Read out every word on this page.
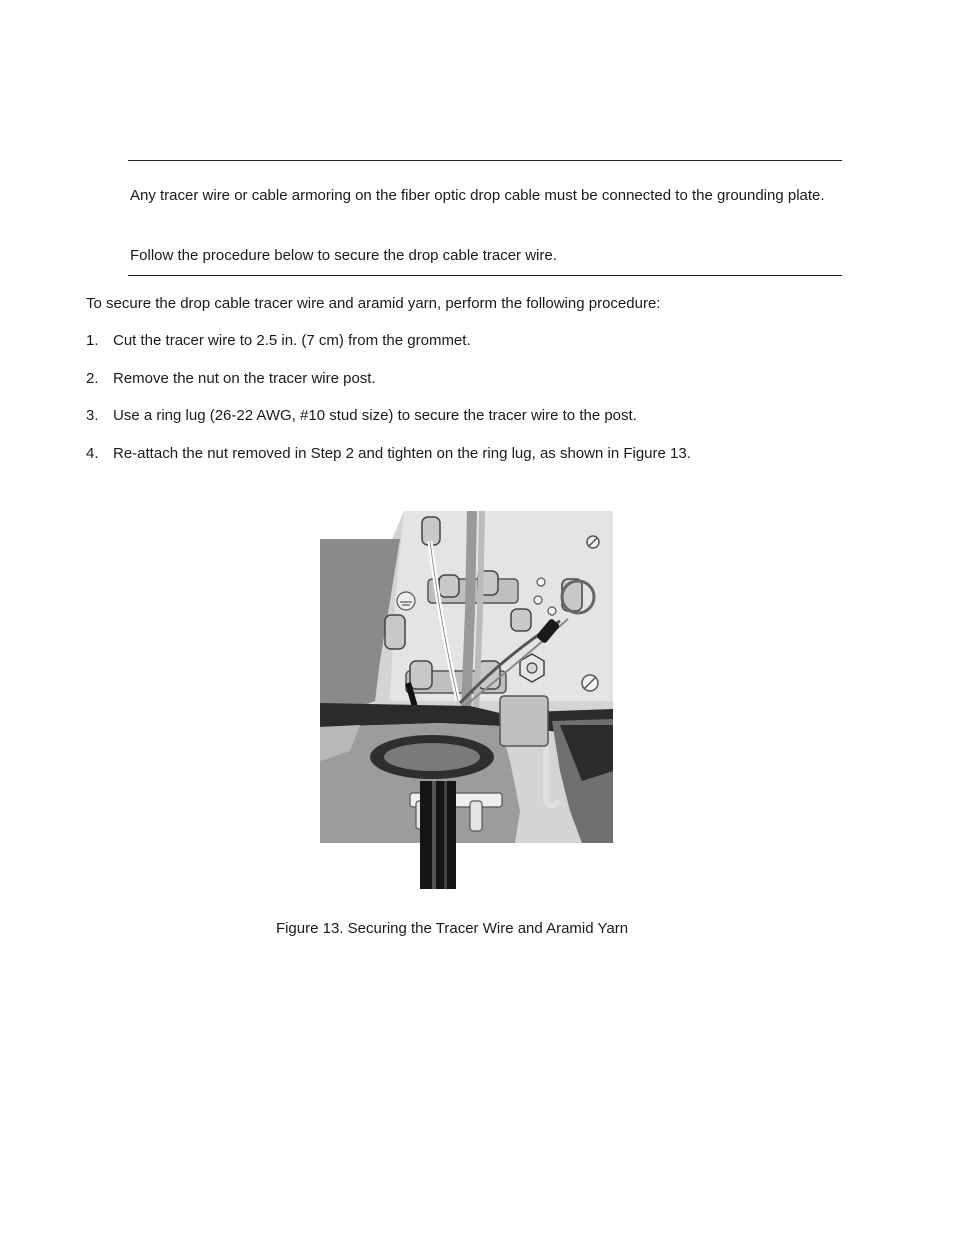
Any tracer wire or cable armoring on the fiber optic drop cable must be connected to the grounding plate.

Follow the procedure below to secure the drop cable tracer wire.

To secure the drop cable tracer wire and aramid yarn, perform the following procedure:

1. Cut the tracer wire to 2.5 in. (7 cm) from the grommet.

2. Remove the nut on the tracer wire post.

3. Use a ring lug (26-22 AWG, #10 stud size) to secure the tracer wire to the post.

4. Re-attach the nut removed in Step 2 and tighten on the ring lug, as shown in Figure 13.

Figure 13. Securing the Tracer Wire and Aramid Yarn
